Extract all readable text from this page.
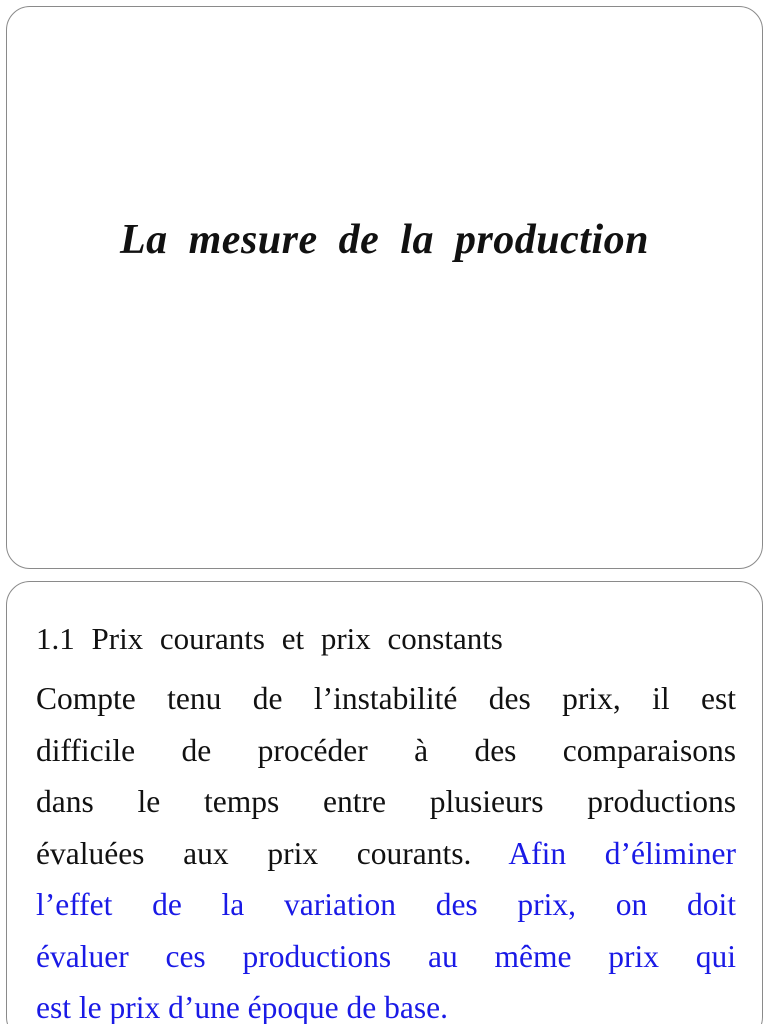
La mesure de la production
1.1 Prix courants et prix constants
Compte tenu de l’instabilité des prix, il est
difficile de procéder à des comparaisons
dans le temps entre plusieurs productions
évaluées aux prix courants. Afin d’éliminer
l’effet de la variation des prix, on doit
évaluer ces productions au même prix qui
est le prix d’une époque de base.
